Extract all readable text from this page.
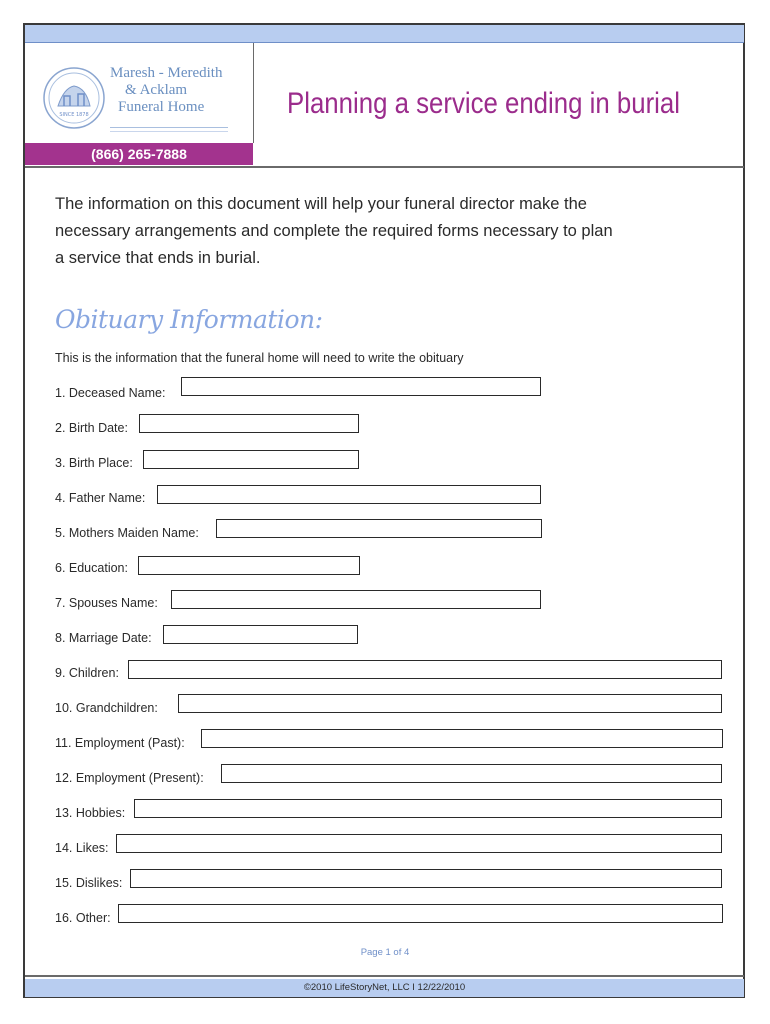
SINCE 1878
Maresh - Meredith
& Acklam
Funeral Home
(866) 265-7888
Planning a service ending in burial
The information on this document will help your funeral director make the
necessary arrangements and complete the required forms necessary to plan
a service that ends in burial.
Obituary Information:
This is the information that the funeral home will need to write the obituary
1. Deceased Name:
2. Birth Date:
3. Birth Place:
4. Father Name:
5. Mothers Maiden Name:
6. Education:
7. Spouses Name:
8. Marriage Date:
9. Children:
10. Grandchildren:
11. Employment (Past):
12. Employment (Present):
13. Hobbies:
14. Likes:
15. Dislikes:
16. Other:
Page 1 of 4
©2010 LifeStoryNet, LLC I 12/22/2010
